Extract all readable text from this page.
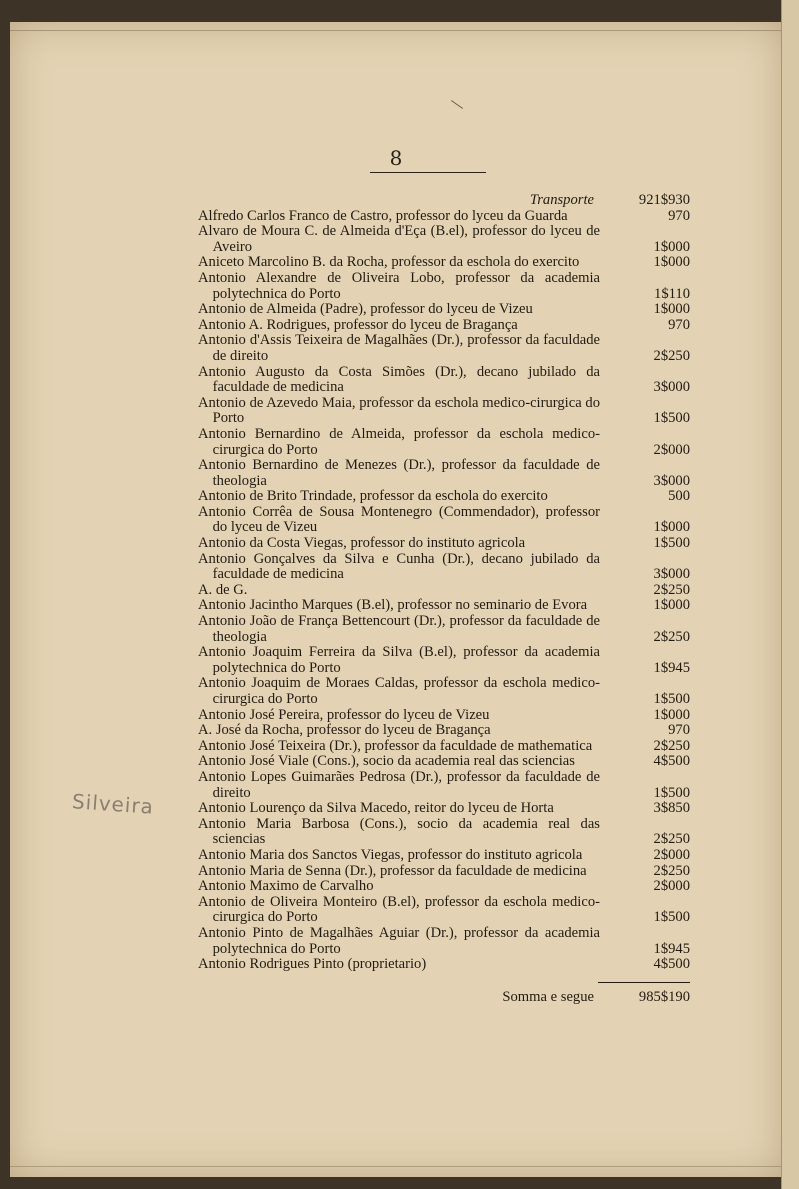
8
Transporte	921$930
Alfredo Carlos Franco de Castro, professor do lyceu da Guarda	970
Alvaro de Moura C. de Almeida d'Eça (B.el), professor do lyceu de Aveiro	1$000
Aniceto Marcolino B. da Rocha, professor da eschola do exercito	1$000
Antonio Alexandre de Oliveira Lobo, professor da academia polytechnica do Porto	1$110
Antonio de Almeida (Padre), professor do lyceu de Vizeu	1$000
Antonio A. Rodrigues, professor do lyceu de Bragança	970
Antonio d'Assis Teixeira de Magalhães (Dr.), professor da faculdade de direito	2$250
Antonio Augusto da Costa Simões (Dr.), decano jubilado da faculdade de medicina	3$000
Antonio de Azevedo Maia, professor da eschola medico-cirurgica do Porto	1$500
Antonio Bernardino de Almeida, professor da eschola medico-cirurgica do Porto	2$000
Antonio Bernardino de Menezes (Dr.), professor da faculdade de theologia	3$000
Antonio de Brito Trindade, professor da eschola do exercito	500
Antonio Corrêa de Sousa Montenegro (Commendador), professor do lyceu de Vizeu	1$000
Antonio da Costa Viegas, professor do instituto agricola	1$500
Antonio Gonçalves da Silva e Cunha (Dr.), decano jubilado da faculdade de medicina	3$000
A. de G.	2$250
Antonio Jacintho Marques (B.el), professor no seminario de Evora	1$000
Antonio João de França Bettencourt (Dr.), professor da faculdade de theologia	2$250
Antonio Joaquim Ferreira da Silva (B.el), professor da academia polytechnica do Porto	1$945
Antonio Joaquim de Moraes Caldas, professor da eschola medico-cirurgica do Porto	1$500
Antonio José Pereira, professor do lyceu de Vizeu	1$000
A. José da Rocha, professor do lyceu de Bragança	970
Antonio José Teixeira (Dr.), professor da faculdade de mathematica	2$250
Antonio José Viale (Cons.), socio da academia real das sciencias	4$500
Antonio Lopes Guimarães Pedrosa (Dr.), professor da faculdade de direito	1$500
Antonio Lourenço da Silva Macedo, reitor do lyceu de Horta	3$850
Antonio Maria Barbosa (Cons.), socio da academia real das sciencias	2$250
Antonio Maria dos Sanctos Viegas, professor do instituto agricola	2$000
Antonio Maria de Senna (Dr.), professor da faculdade de medicina	2$250
Antonio Maximo de Carvalho	2$000
Antonio de Oliveira Monteiro (B.el), professor da eschola medico-cirurgica do Porto	1$500
Antonio Pinto de Magalhães Aguiar (Dr.), professor da academia polytechnica do Porto	1$945
Antonio Rodrigues Pinto (proprietario)	4$500
Somma e segue	985$190
Silveira
